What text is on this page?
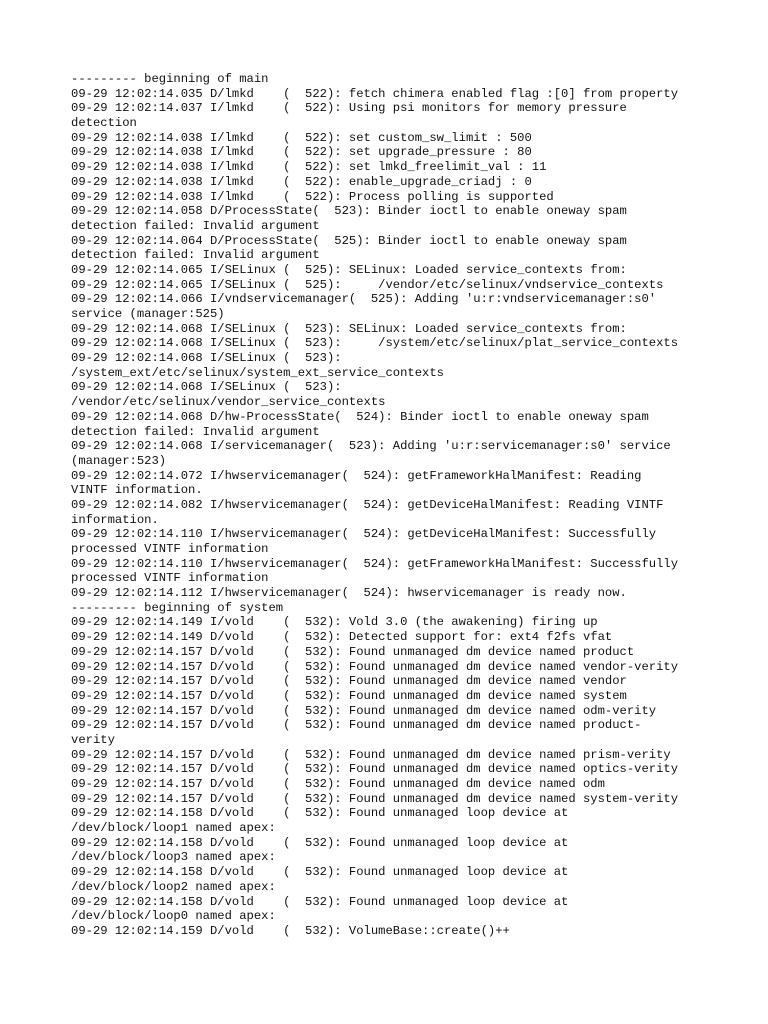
--------- beginning of main
09-29 12:02:14.035 D/lmkd    (  522): fetch chimera enabled flag :[0] from property
09-29 12:02:14.037 I/lmkd    (  522): Using psi monitors for memory pressure
detection
09-29 12:02:14.038 I/lmkd    (  522): set custom_sw_limit : 500
09-29 12:02:14.038 I/lmkd    (  522): set upgrade_pressure : 80
09-29 12:02:14.038 I/lmkd    (  522): set lmkd_freelimit_val : 11
09-29 12:02:14.038 I/lmkd    (  522): enable_upgrade_criadj : 0
09-29 12:02:14.038 I/lmkd    (  522): Process polling is supported
09-29 12:02:14.058 D/ProcessState(  523): Binder ioctl to enable oneway spam
detection failed: Invalid argument
09-29 12:02:14.064 D/ProcessState(  525): Binder ioctl to enable oneway spam
detection failed: Invalid argument
09-29 12:02:14.065 I/SELinux (  525): SELinux: Loaded service_contexts from:
09-29 12:02:14.065 I/SELinux (  525):     /vendor/etc/selinux/vndservice_contexts
09-29 12:02:14.066 I/vndservicemanager(  525): Adding 'u:r:vndservicemanager:s0'
service (manager:525)
09-29 12:02:14.068 I/SELinux (  523): SELinux: Loaded service_contexts from:
09-29 12:02:14.068 I/SELinux (  523):     /system/etc/selinux/plat_service_contexts
09-29 12:02:14.068 I/SELinux (  523):
/system_ext/etc/selinux/system_ext_service_contexts
09-29 12:02:14.068 I/SELinux (  523):
/vendor/etc/selinux/vendor_service_contexts
09-29 12:02:14.068 D/hw-ProcessState(  524): Binder ioctl to enable oneway spam
detection failed: Invalid argument
09-29 12:02:14.068 I/servicemanager(  523): Adding 'u:r:servicemanager:s0' service
(manager:523)
09-29 12:02:14.072 I/hwservicemanager(  524): getFrameworkHalManifest: Reading
VINTF information.
09-29 12:02:14.082 I/hwservicemanager(  524): getDeviceHalManifest: Reading VINTF
information.
09-29 12:02:14.110 I/hwservicemanager(  524): getDeviceHalManifest: Successfully
processed VINTF information
09-29 12:02:14.110 I/hwservicemanager(  524): getFrameworkHalManifest: Successfully
processed VINTF information
09-29 12:02:14.112 I/hwservicemanager(  524): hwservicemanager is ready now.
--------- beginning of system
09-29 12:02:14.149 I/vold    (  532): Vold 3.0 (the awakening) firing up
09-29 12:02:14.149 D/vold    (  532): Detected support for: ext4 f2fs vfat
09-29 12:02:14.157 D/vold    (  532): Found unmanaged dm device named product
09-29 12:02:14.157 D/vold    (  532): Found unmanaged dm device named vendor-verity
09-29 12:02:14.157 D/vold    (  532): Found unmanaged dm device named vendor
09-29 12:02:14.157 D/vold    (  532): Found unmanaged dm device named system
09-29 12:02:14.157 D/vold    (  532): Found unmanaged dm device named odm-verity
09-29 12:02:14.157 D/vold    (  532): Found unmanaged dm device named product-
verity
09-29 12:02:14.157 D/vold    (  532): Found unmanaged dm device named prism-verity
09-29 12:02:14.157 D/vold    (  532): Found unmanaged dm device named optics-verity
09-29 12:02:14.157 D/vold    (  532): Found unmanaged dm device named odm
09-29 12:02:14.157 D/vold    (  532): Found unmanaged dm device named system-verity
09-29 12:02:14.158 D/vold    (  532): Found unmanaged loop device at
/dev/block/loop1 named apex:
09-29 12:02:14.158 D/vold    (  532): Found unmanaged loop device at
/dev/block/loop3 named apex:
09-29 12:02:14.158 D/vold    (  532): Found unmanaged loop device at
/dev/block/loop2 named apex:
09-29 12:02:14.158 D/vold    (  532): Found unmanaged loop device at
/dev/block/loop0 named apex:
09-29 12:02:14.159 D/vold    (  532): VolumeBase::create()++
